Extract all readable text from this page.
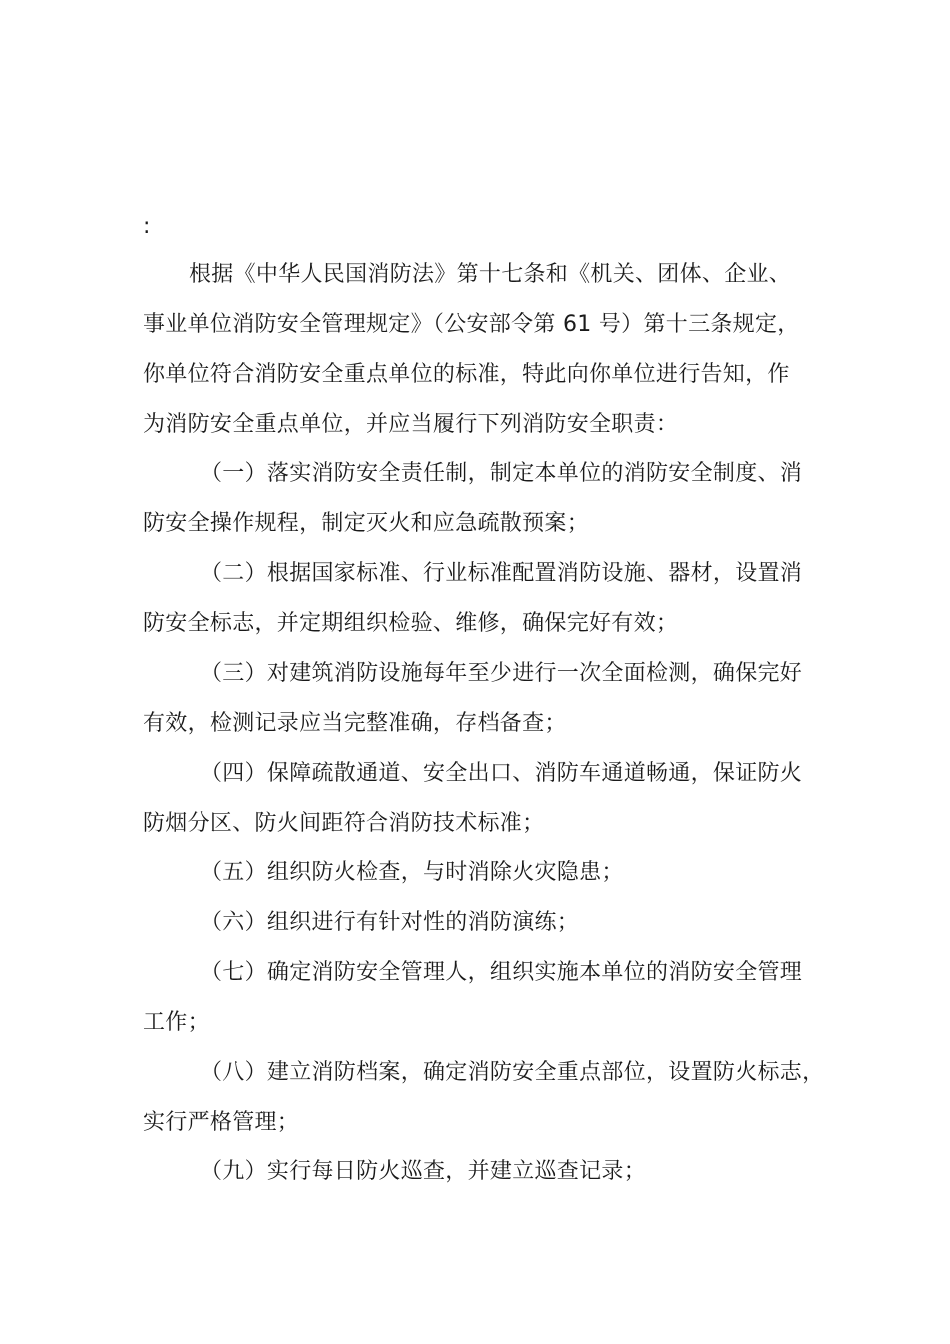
:
根据《中华人民国消防法》第十七条和《机关、团体、企业、
事业单位消防安全管理规定》（公安部令第 61 号）第十三条规定，
你单位符合消防安全重点单位的标准，特此向你单位进行告知，作
为消防安全重点单位，并应当履行下列消防安全职责：
（一）落实消防安全责任制，制定本单位的消防安全制度、消
防安全操作规程，制定灭火和应急疏散预案；
（二）根据国家标准、行业标准配置消防设施、器材，设置消
防安全标志，并定期组织检验、维修，确保完好有效；
（三）对建筑消防设施每年至少进行一次全面检测，确保完好
有效，检测记录应当完整准确，存档备查；
（四）保障疏散通道、安全出口、消防车通道畅通，保证防火
防烟分区、防火间距符合消防技术标准；
（五）组织防火检查，与时消除火灾隐患；
（六）组织进行有针对性的消防演练；
（七）确定消防安全管理人，组织实施本单位的消防安全管理
工作；
（八）建立消防档案，确定消防安全重点部位，设置防火标志，
实行严格管理；
（九）实行每日防火巡查，并建立巡查记录；
